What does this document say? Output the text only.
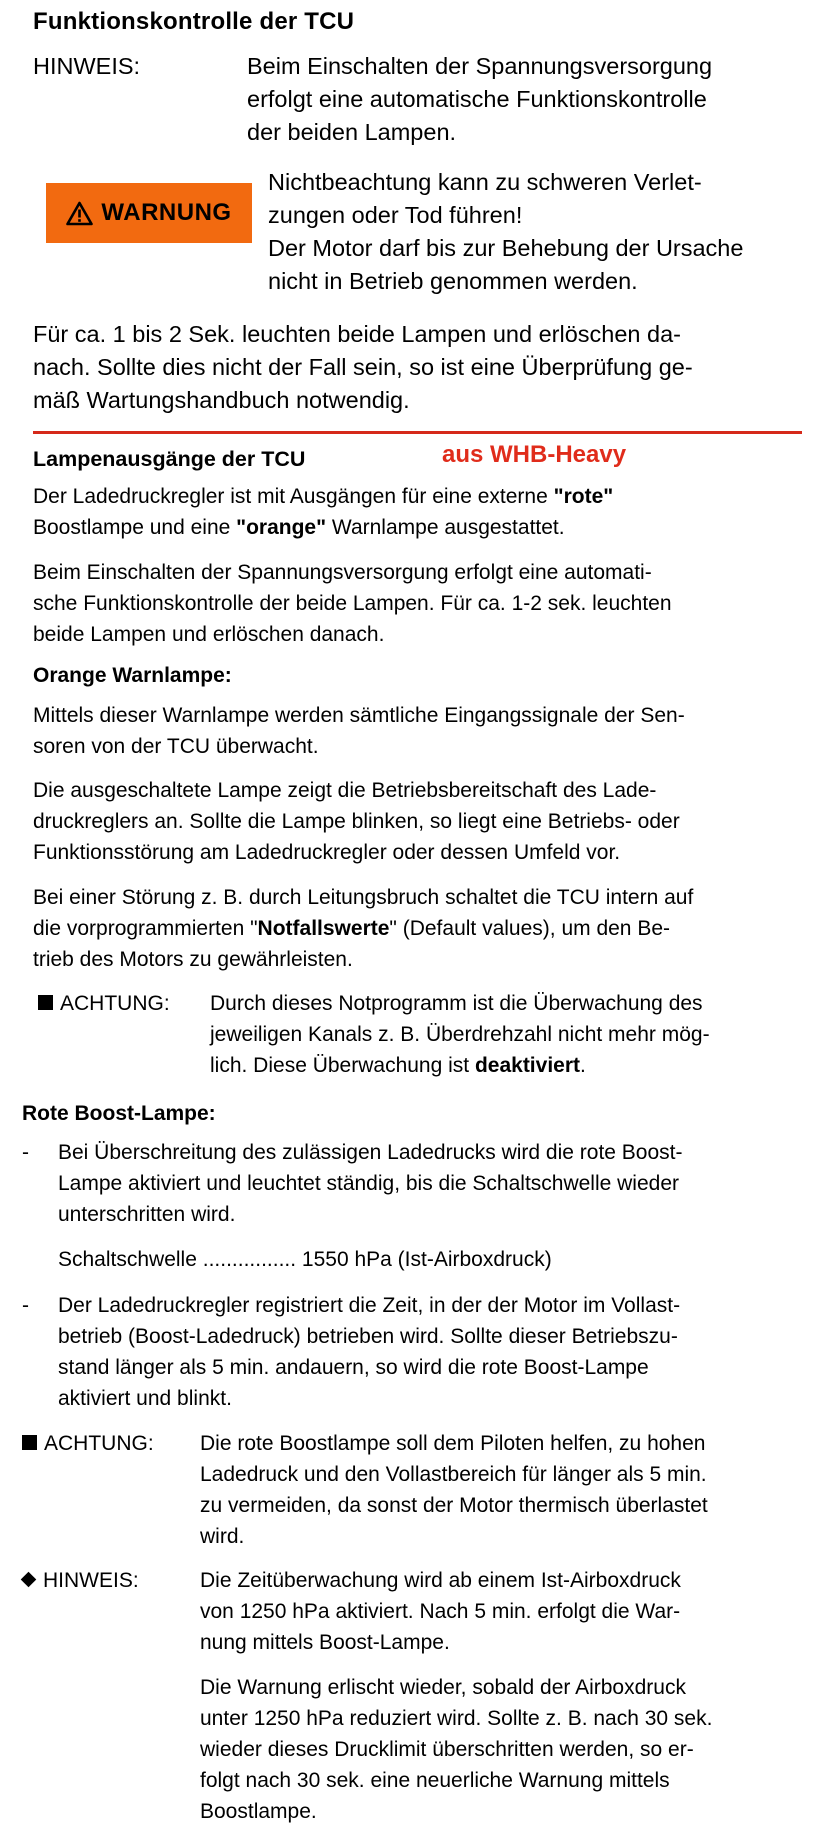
Funktionskontrolle der TCU
HINWEIS:	Beim Einschalten der Spannungsversorgung
erfolgt eine automatische Funktionskontrolle
der beiden Lampen.
WARNUNG
Nichtbeachtung kann zu schweren Verlet-
zungen oder Tod führen!
Der Motor darf bis zur Behebung der Ursache
nicht in Betrieb genommen werden.
Für ca. 1 bis 2 Sek. leuchten beide Lampen und erlöschen da-
nach. Sollte dies nicht der Fall sein, so ist eine Überprüfung ge-
mäß Wartungshandbuch notwendig.
Lampenausgänge der TCU	aus WHB-Heavy
Der Ladedruckregler ist mit Ausgängen für eine externe "rote"
Boostlampe und eine "orange" Warnlampe ausgestattet.
Beim Einschalten der Spannungsversorgung erfolgt eine automati-
sche Funktionskontrolle der beide Lampen. Für ca. 1-2 sek. leuchten
beide Lampen und erlöschen danach.
Orange Warnlampe:
Mittels dieser Warnlampe werden sämtliche Eingangssignale der Sen-
soren von der TCU überwacht.
Die ausgeschaltete Lampe zeigt die Betriebsbereitschaft des Lade-
druckreglers an. Sollte die Lampe blinken, so liegt eine Betriebs- oder
Funktionsstörung am Ladedruckregler oder dessen Umfeld vor.
Bei einer Störung z. B. durch Leitungsbruch schaltet die TCU intern auf
die vorprogrammierten "Notfallswerte" (Default values), um den Be-
trieb des Motors zu gewährleisten.
ACHTUNG: Durch dieses Notprogramm ist die Überwachung des
jeweiligen Kanals z. B. Überdrehzahl nicht mehr mög-
lich. Diese Überwachung ist deaktiviert.
Rote Boost-Lampe:
- Bei Überschreitung des zulässigen Ladedrucks wird die rote Boost-
Lampe aktiviert und leuchtet ständig, bis die Schaltschwelle wieder
unterschritten wird.
Schaltschwelle ................ 1550 hPa (Ist-Airboxdruck)
- Der Ladedruckregler registriert die Zeit, in der der Motor im Vollast-
betrieb (Boost-Ladedruck) betrieben wird. Sollte dieser Betriebszu-
stand länger als 5 min. andauern, so wird die rote Boost-Lampe
aktiviert und blinkt.
ACHTUNG: Die rote Boostlampe soll dem Piloten helfen, zu hohen
Ladedruck und den Vollastbereich für länger als 5 min.
zu vermeiden, da sonst der Motor thermisch überlastet
wird.
HINWEIS:	Die Zeitüberwachung wird ab einem Ist-Airboxdruck
von 1250 hPa aktiviert. Nach 5 min. erfolgt die War-
nung mittels Boost-Lampe.
Die Warnung erlischt wieder, sobald der Airboxdruck
unter 1250 hPa reduziert wird. Sollte z. B. nach 30 sek.
wieder dieses Drucklimit überschritten werden, so er-
folgt nach 30 sek. eine neuerliche Warnung mittels
Boostlampe.
